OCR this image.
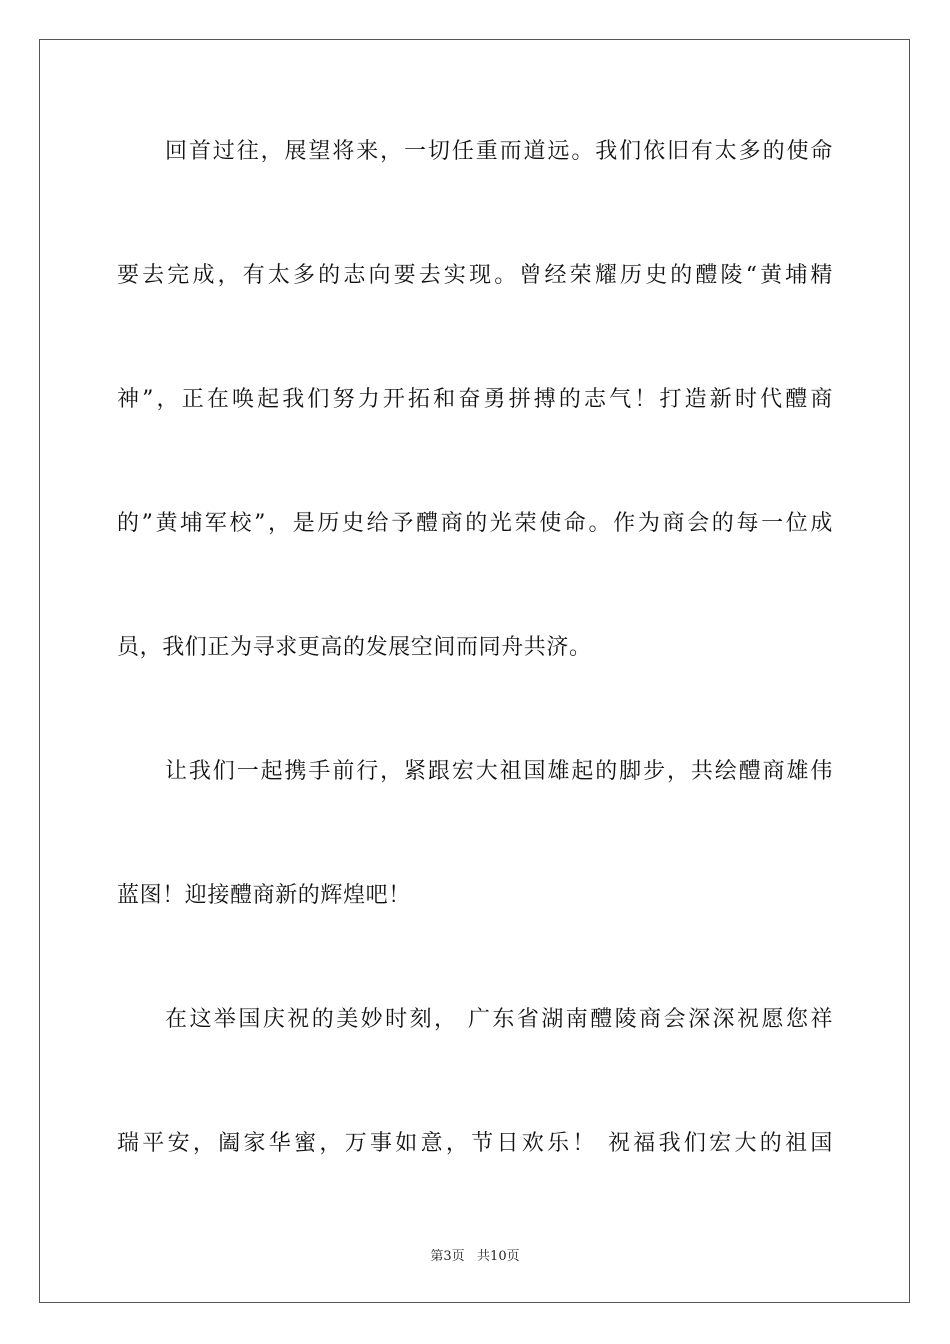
回首过往，展望将来，一切任重而道远。我们依旧有太多的使命
要去完成，有太多的志向要去实现。曾经荣耀历史的醴陵“黄埔精
神”，正在唤起我们努力开拓和奋勇拼搏的志气！打造新时代醴商
的”黄埔军校”，是历史给予醴商的光荣使命。作为商会的每一位成
员，我们正为寻求更高的发展空间而同舟共济。
让我们一起携手前行，紧跟宏大祖国雄起的脚步，共绘醴商雄伟
蓝图！迎接醴商新的辉煌吧！
在这举国庆祝的美妙时刻， 广东省湖南醴陵商会深深祝愿您祥
瑞平安，阖家华蜜，万事如意，节日欢乐！ 祝福我们宏大的祖国
第3页   共10页
